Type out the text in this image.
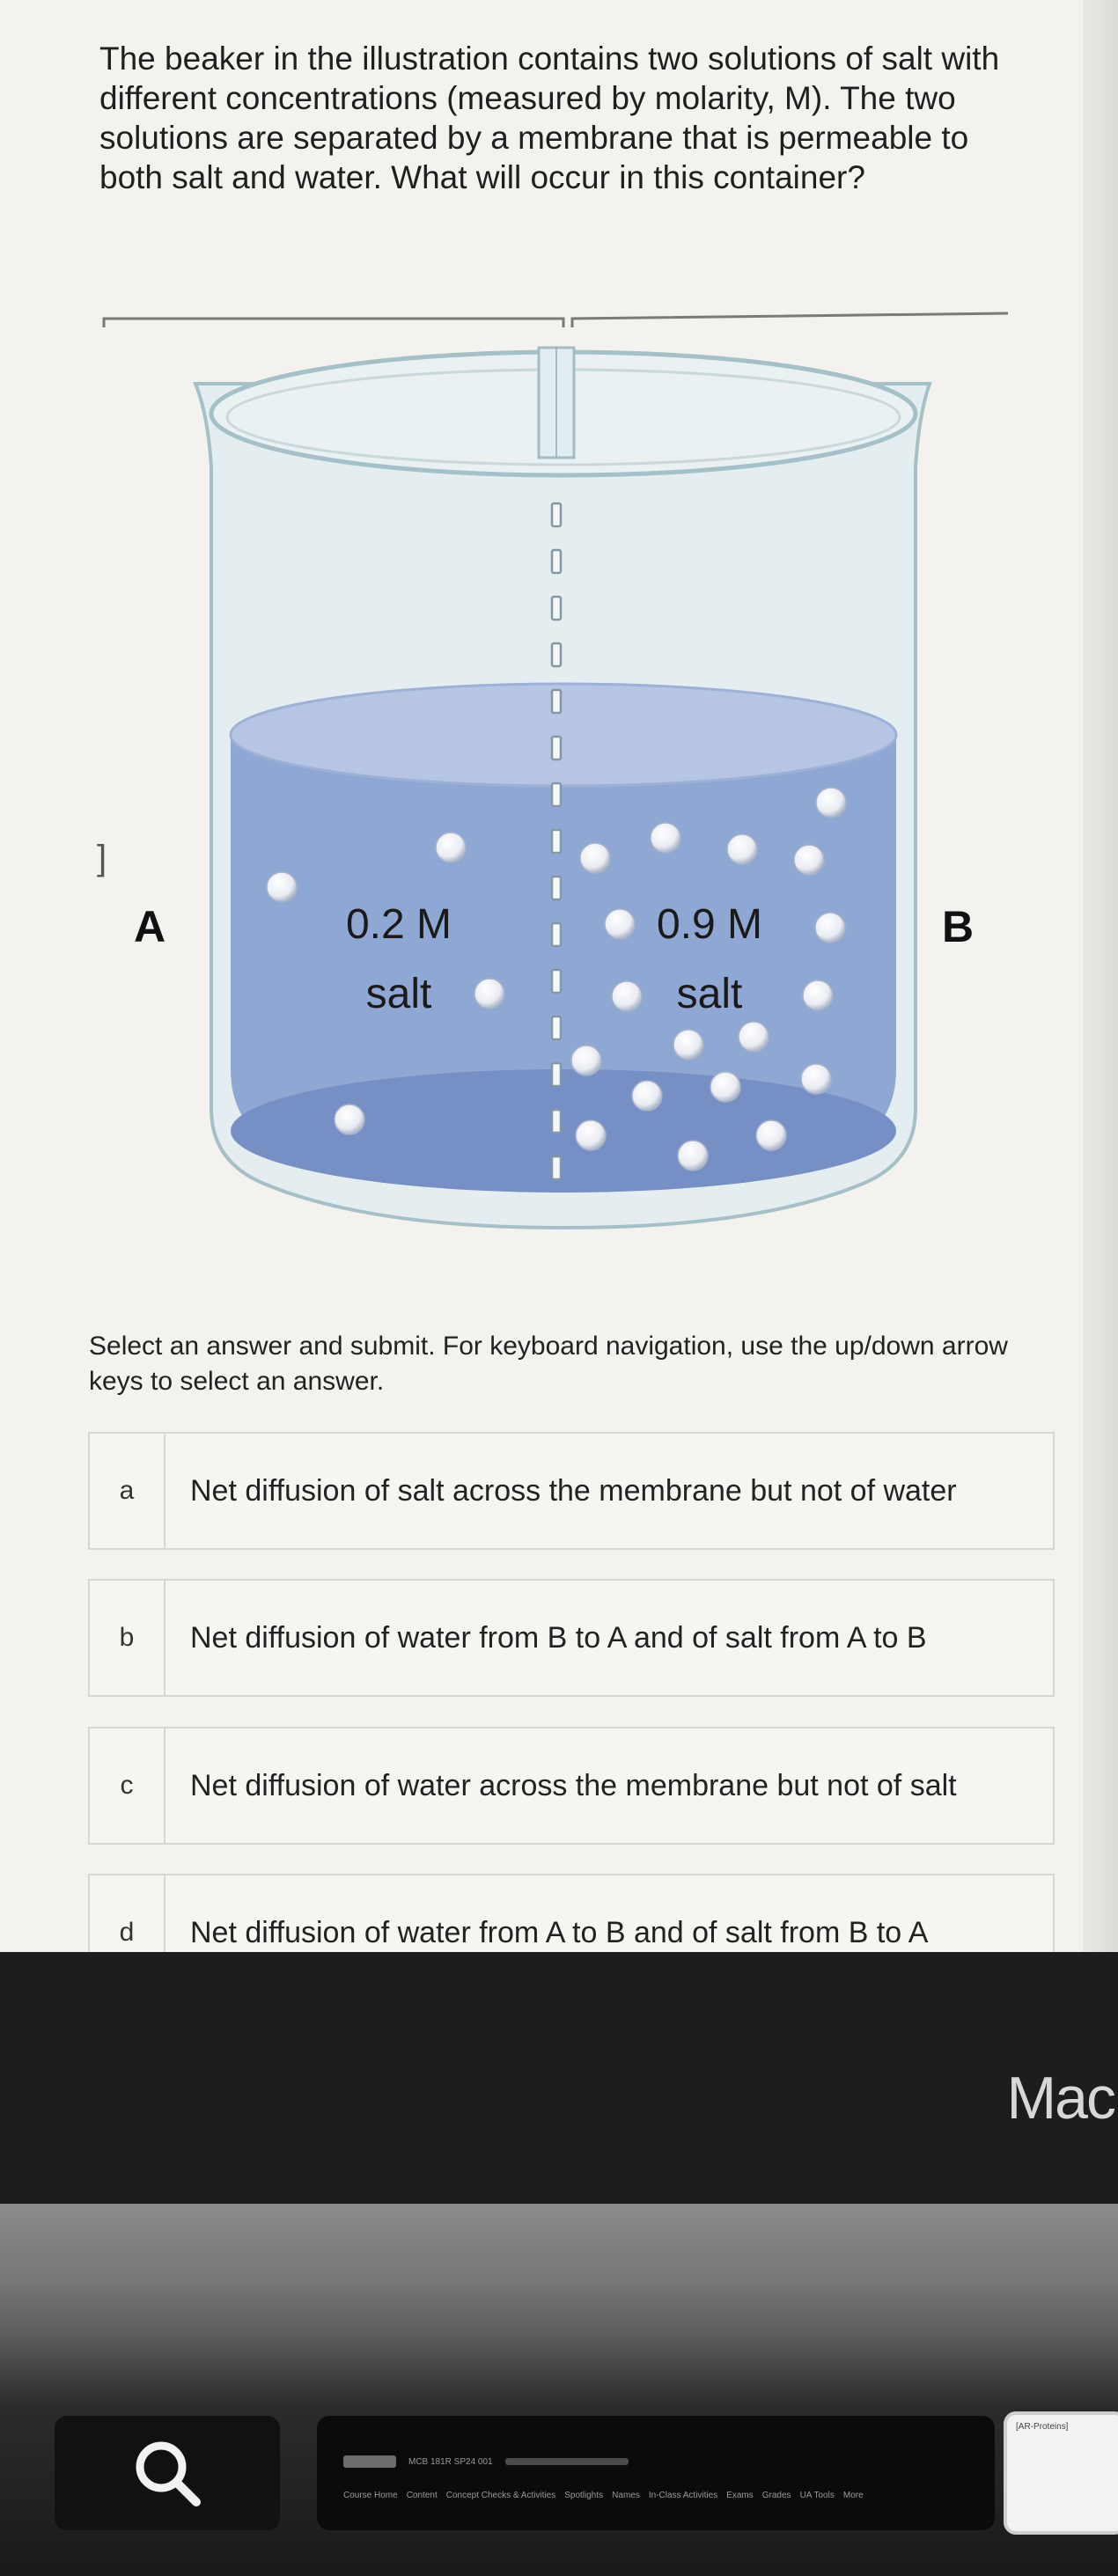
The beaker in the illustration contains two solutions of salt with different concentrations (measured by molarity, M). The two solutions are separated by a membrane that is permeable to both salt and water. What will occur in this container?
A	B
0.2 M
salt
0.9 M
salt
]
Select an answer and submit. For keyboard navigation, use the up/down arrow keys to select an answer.
a	Net diffusion of salt across the membrane but not of water
b	Net diffusion of water from B to A and of salt from A to B
c	Net diffusion of water across the membrane but not of salt
d	Net diffusion of water from A to B and of salt from B to A
Mac
MCB 181R SP24 001
Course Home Content Concept Checks & Activities Spotlights Names In-Class Activities Exams Grades UA Tools More
[AR-Proteins]
